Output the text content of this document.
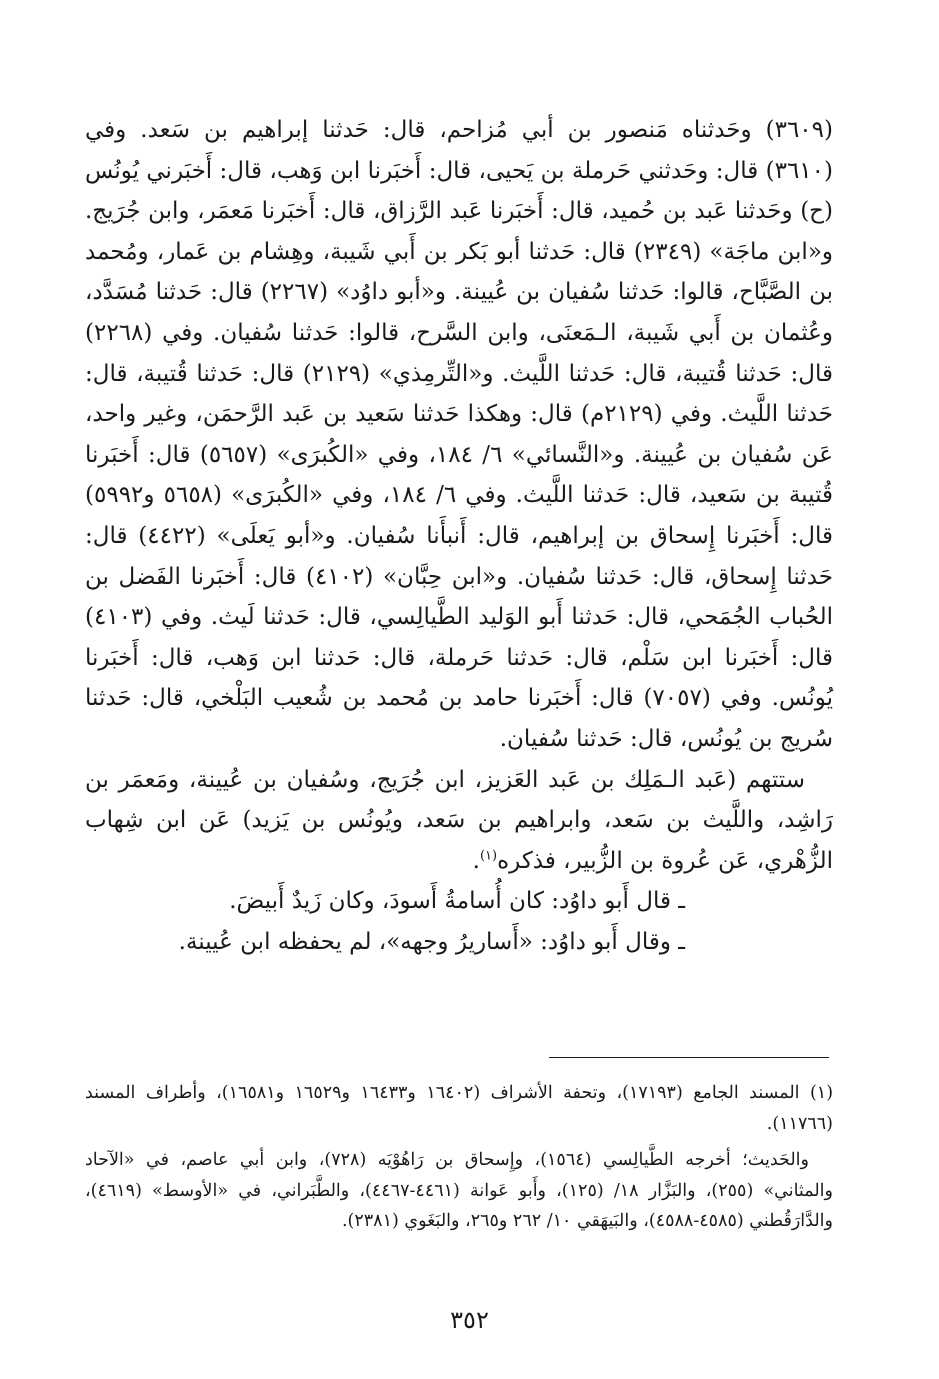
(٣٦٠٩) وحَدثناه مَنصور بن أبي مُزاحم، قال: حَدثنا إبراهيم بن سَعد. وفي (٣٦١٠) قال: وحَدثني حَرملة بن يَحيى، قال: أَخبَرنا ابن وَهب، قال: أَخبَرني يُونُس (ح) وحَدثنا عَبد بن حُميد، قال: أَخبَرنا عَبد الرَّزاق، قال: أَخبَرنا مَعمَر، وابن جُرَيج. و«ابن ماجَة» (٢٣٤٩) قال: حَدثنا أبو بَكر بن أَبي شَيبة، وهِشام بن عَمار، ومُحمد بن الصَّبَّاح، قالوا: حَدثنا سُفيان بن عُيينة. و«أبو داوُد» (٢٢٦٧) قال: حَدثنا مُسَدَّد، وعُثمان بن أَبي شَيبة، الـمَعنَى، وابن السَّرح، قالوا: حَدثنا سُفيان. وفي (٢٢٦٨) قال: حَدثنا قُتيبة، قال: حَدثنا اللَّيث. و«التِّرمِذي» (٢١٢٩) قال: حَدثنا قُتيبة، قال: حَدثنا اللَّيث. وفي (٢١٢٩م) قال: وهكذا حَدثنا سَعيد بن عَبد الرَّحمَن، وغير واحد، عَن سُفيان بن عُيينة. و«النَّسائي» ٦/ ١٨٤، وفي «الكُبرَى» (٥٦٥٧) قال: أَخبَرنا قُتيبة بن سَعيد، قال: حَدثنا اللَّيث. وفي ٦/ ١٨٤، وفي «الكُبرَى» (٥٦٥٨ و٥٩٩٢) قال: أَخبَرنا إِسحاق بن إبراهيم، قال: أَنبأَنا سُفيان. و«أبو يَعلَى» (٤٤٢٢) قال: حَدثنا إِسحاق، قال: حَدثنا سُفيان. و«ابن حِبَّان» (٤١٠٢) قال: أَخبَرنا الفَضل بن الحُباب الجُمَحي، قال: حَدثنا أَبو الوَليد الطَّيالِسي، قال: حَدثنا لَيث. وفي (٤١٠٣) قال: أَخبَرنا ابن سَلْم، قال: حَدثنا حَرملة، قال: حَدثنا ابن وَهب، قال: أَخبَرنا يُونُس. وفي (٧٠٥٧) قال: أَخبَرنا حامد بن مُحمد بن شُعيب البَلْخي، قال: حَدثنا سُريج بن يُونُس، قال: حَدثنا سُفيان.

ستتهم (عَبد الـمَلِك بن عَبد العَزيز، ابن جُرَيج، وسُفيان بن عُيينة، ومَعمَر بن رَاشِد، واللَّيث بن سَعد، وابراهيم بن سَعد، ويُونُس بن يَزيد) عَن ابن شِهاب الزُّهْري، عَن عُروة بن الزُّبير، فذكره$^{(١)}$.

ـ قال أَبو داوُد: كان أُسامةُ أَسودَ، وكان زَيدٌ أَبيضَ.

ـ وقال أَبو داوُد: «أَساريرُ وجهه»، لم يحفظه ابن عُيينة.

(١) المسند الجامع (١٧١٩٣)، وتحفة الأشراف (١٦٤٠٢ و١٦٤٣٣ و١٦٥٢٩ و١٦٥٨١)، وأطراف المسند (١١٧٦٦).

والحَديث؛ أخرجه الطَّيالِسي (١٥٦٤)، وإِسحاق بن رَاهُوْيَه (٧٢٨)، وابن أبي عاصم، في «الآحاد والمثاني» (٢٥٥)، والبَزَّار ١٨/ (١٢٥)، وأَبو عَوانة (٤٤٦١-٤٤٦٧)، والطَّبَراني، في «الأوسط» (٤٦١٩)، والدَّارَقُطني (٤٥٨٥-٤٥٨٨)، والبَيهَقي ١٠/ ٢٦٢ و٢٦٥، والبَغَوي (٢٣٨١).

٣٥٢
